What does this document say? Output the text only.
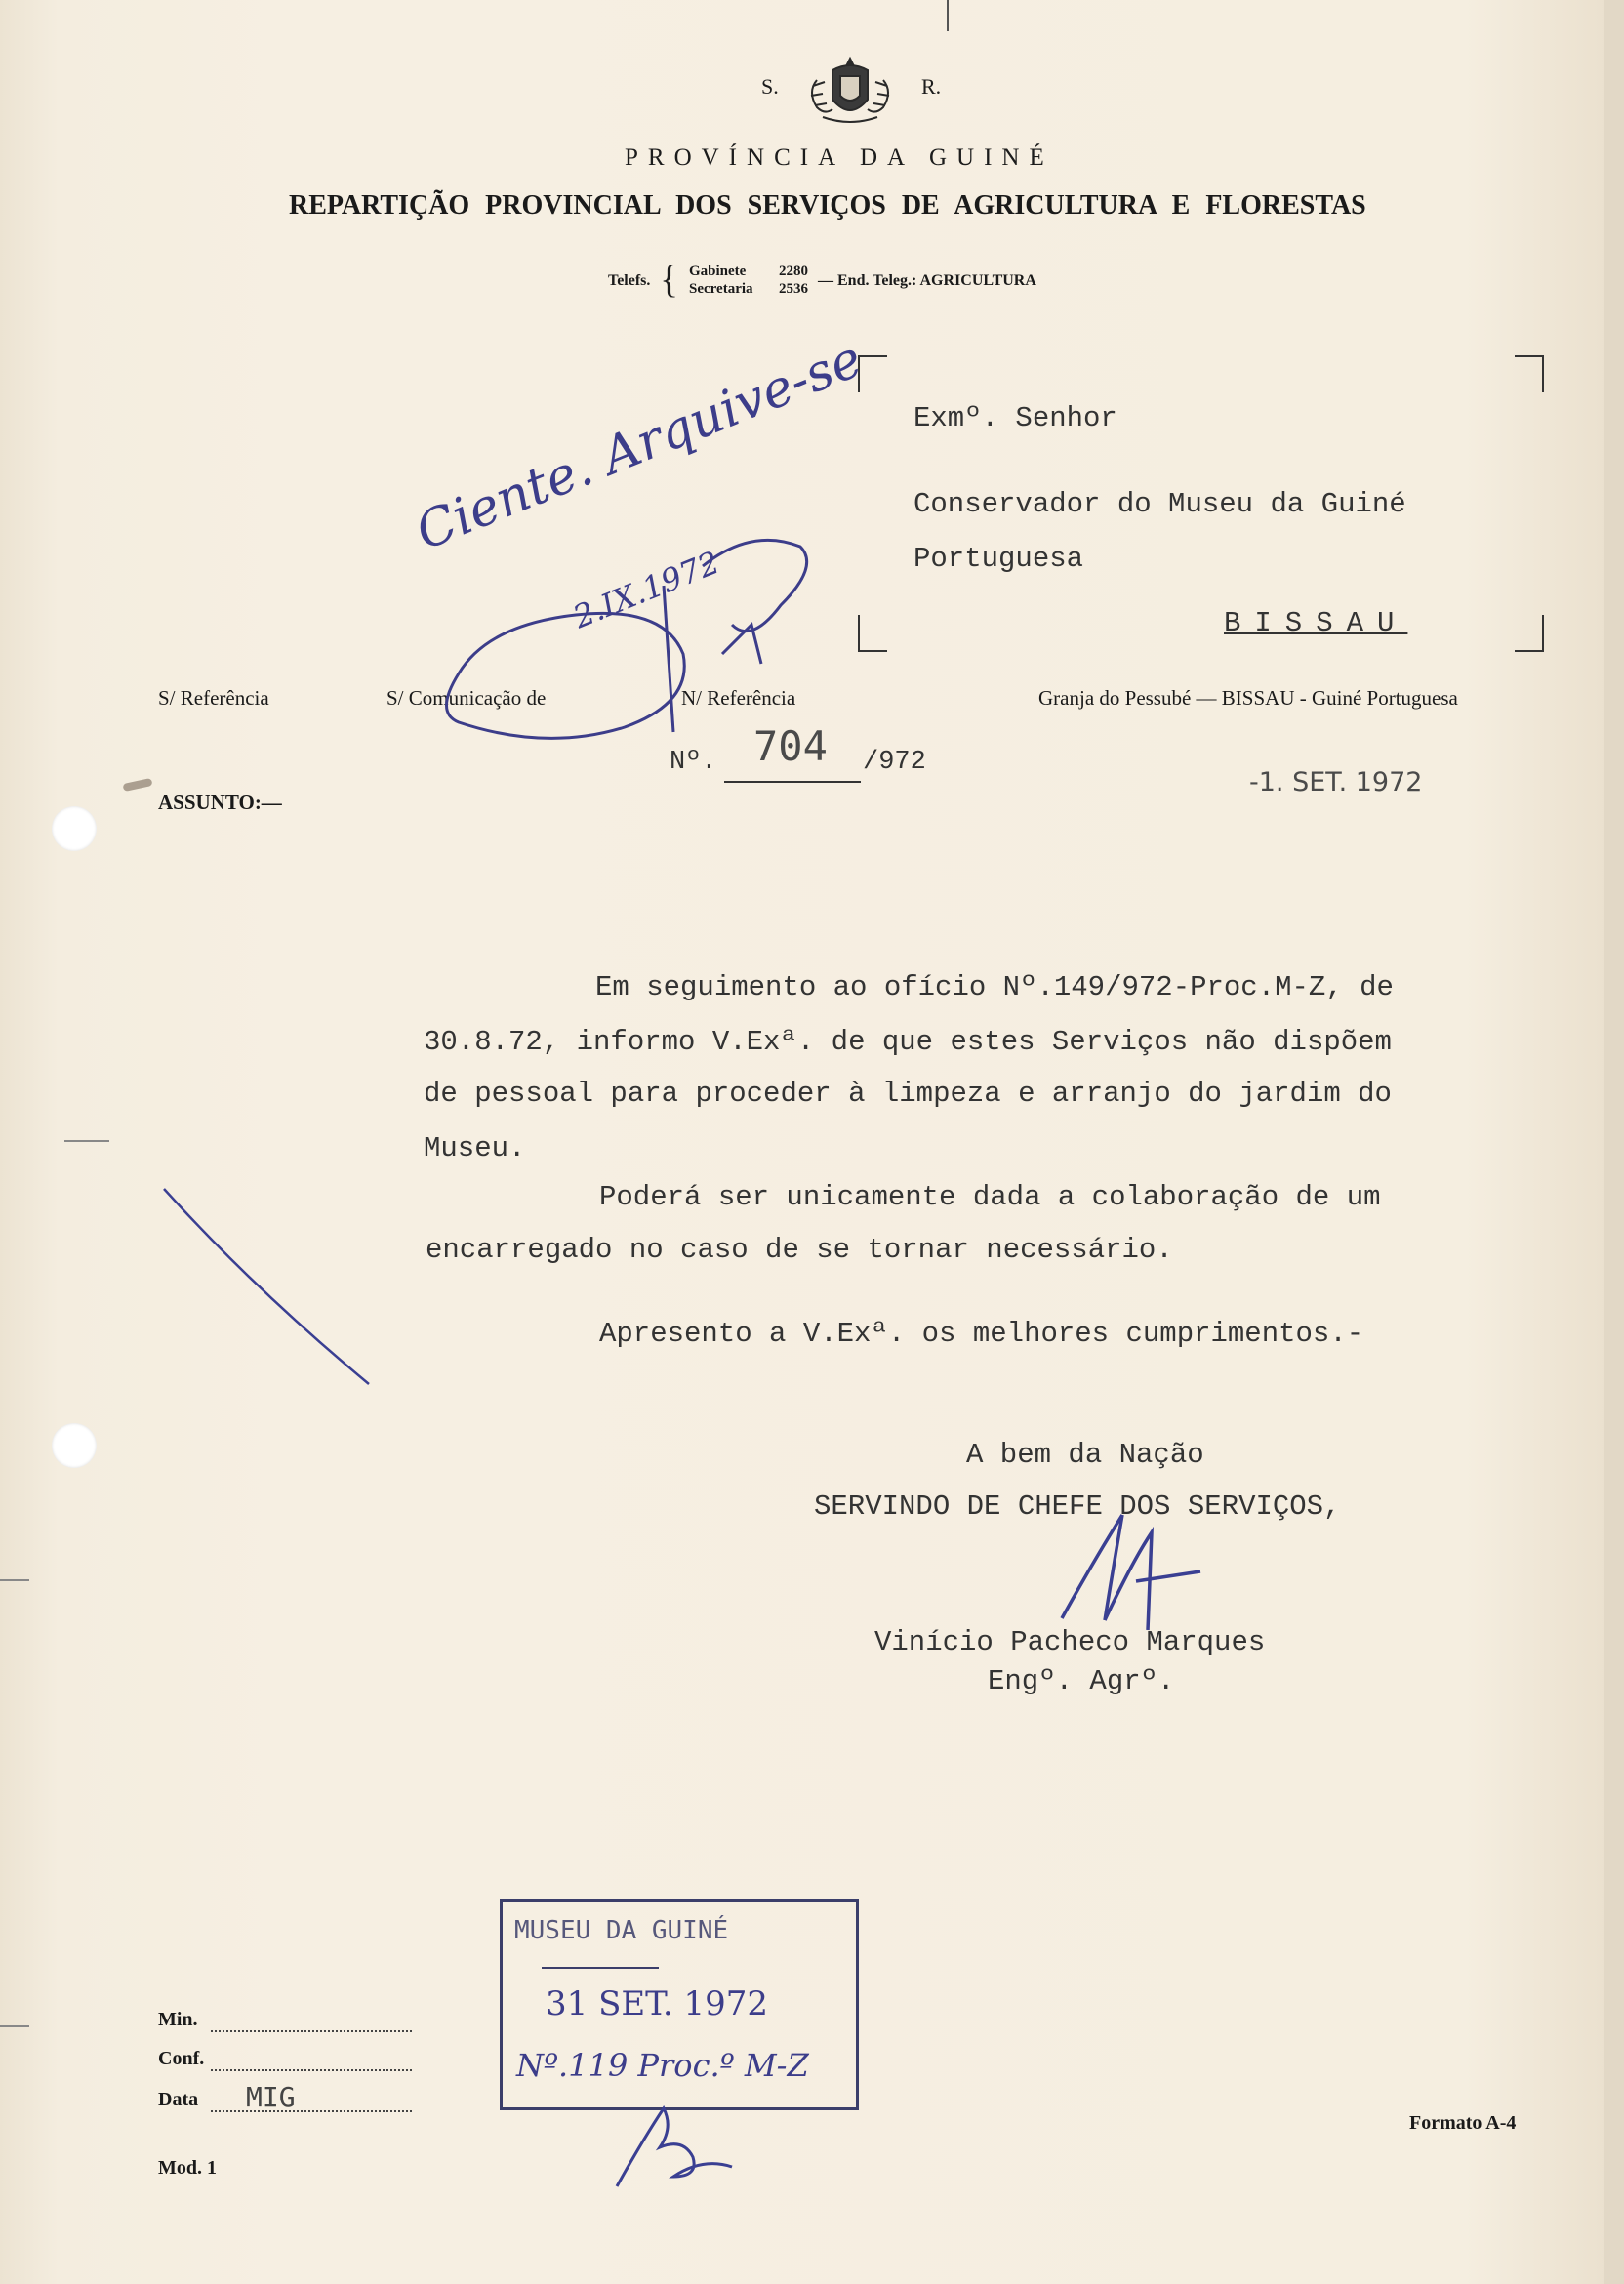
S.	R.
PROVÍNCIA DA GUINÉ
REPARTIÇÃO PROVINCIAL DOS SERVIÇOS DE AGRICULTURA E FLORESTAS
Telefs. { Gabinete 2280
Secretaria 2536 — End. Teleg.: AGRICULTURA
Exmº. Senhor
Conservador do Museu da Guiné
Portuguesa
BISSAU
S/ Referência	S/ Comunicação de	N/ Referência	Granja do Pessubé — BISSAU - Guiné Portuguesa
Nº. 704 /972
-1. SET. 1972
ASSUNTO:—
Ciente. Arquive-se
2.IX.1972
Em seguimento ao ofício Nº.149/972-Proc.M-Z, de
30.8.72, informo V.Exª. de que estes Serviços não dispõem
de pessoal para proceder à limpeza e arranjo do jardim do
Museu.
Poderá ser unicamente dada a colaboração de um
encarregado no caso de se tornar necessário.
Apresento a V.Exª. os melhores cumprimentos.-
A bem da Nação
SERVINDO DE CHEFE DOS SERVIÇOS,
Vinício Pacheco Marques
Engº. Agrº.
Min.
Conf.
Data MIG
Mod. 1
Formato A-4
MUSEU DA GUINÉ
31 SET. 1972
Nº.119 Proc.º M-Z
